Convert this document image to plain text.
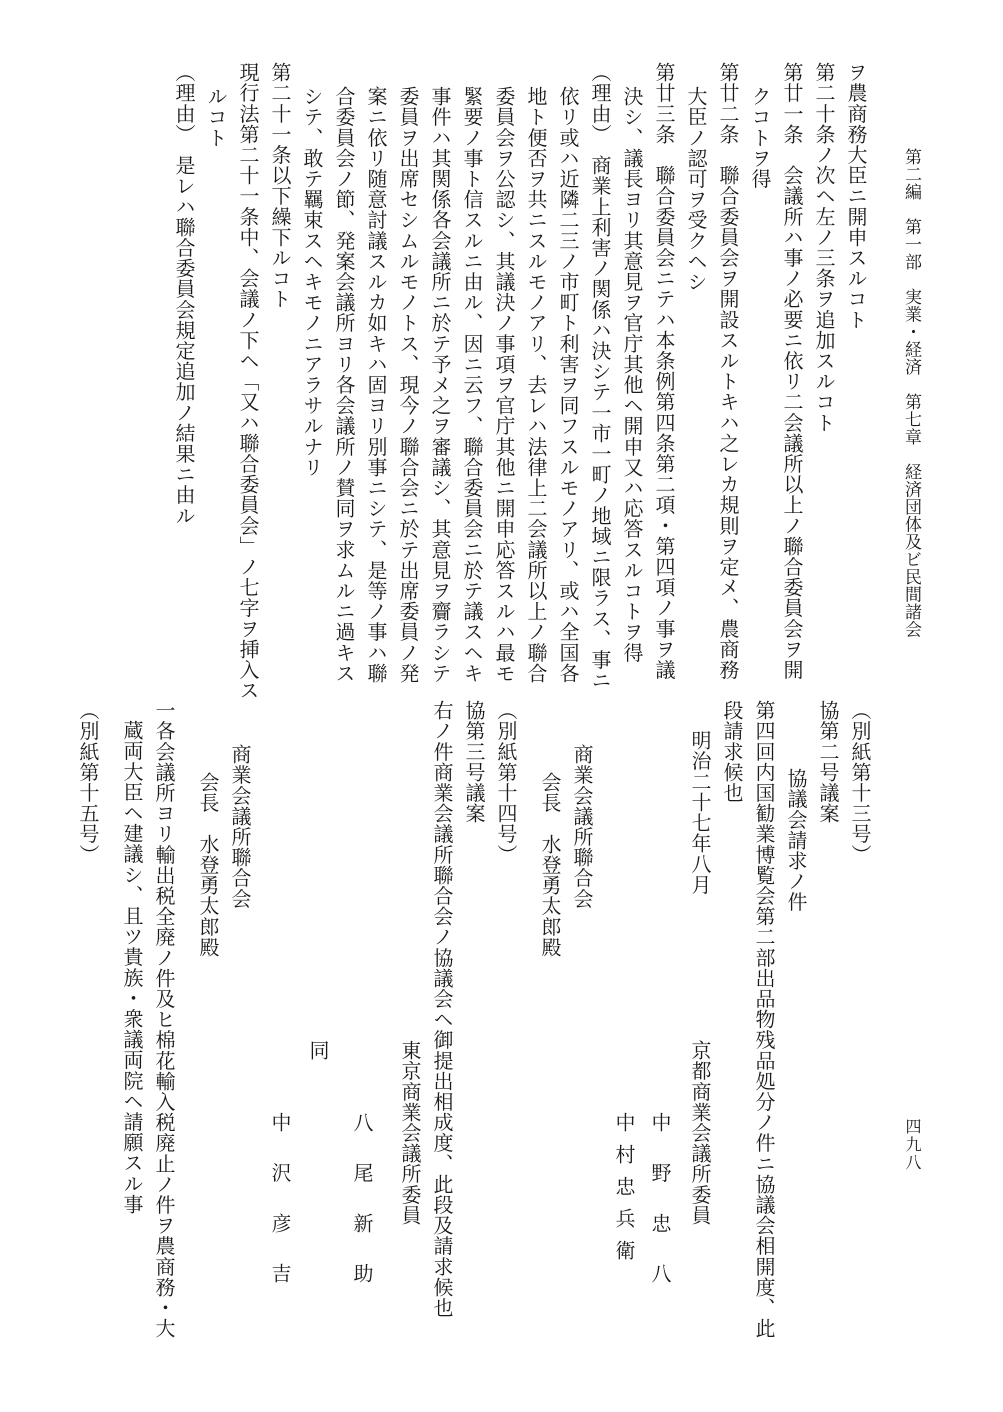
第二編　第一部　実業・経済　第七章　経済団体及ビ民間諸会
四九八
ヲ農商務大臣ニ開申スルコト
第二十条ノ次ヘ左ノ三条ヲ追加スルコト
第廿一条　会議所ハ事ノ必要ニ依リ二会議所以上ノ聯合委員会ヲ開
クコトヲ得
第廿二条　聯合委員会ヲ開設スルトキハ之レカ規則ヲ定メ、農商務
大臣ノ認可ヲ受クヘシ
第廿三条　聯合委員会ニテハ本条例第四条第二項・第四項ノ事ヲ議
決シ、議長ヨリ其意見ヲ官庁其他ヘ開申又ハ応答スルコトヲ得
（理由）　商業上利害ノ関係ハ決シテ一市一町ノ地域ニ限ラス、事ニ
依リ或ハ近隣二三ノ市町ト利害ヲ同フスルモノアリ、或ハ全国各
地ト便否ヲ共ニスルモノアリ、去レハ法律上二会議所以上ノ聯合
委員会ヲ公認シ、其議決ノ事項ヲ官庁其他ニ開申応答スルハ最モ
緊要ノ事ト信スルニ由ル、因ニ云フ、聯合委員会ニ於テ議スヘキ
事件ハ其関係各会議所ニ於テ予メ之ヲ審議シ、其意見ヲ齎ラシテ
委員ヲ出席セシムルモノトス、現今ノ聯合会ニ於テ出席委員ノ発
案ニ依リ随意討議スルカ如キハ固ヨリ別事ニシテ、是等ノ事ハ聯
合委員会ノ節、発案会議所ヨリ各会議所ノ賛同ヲ求ムルニ過キス
シテ、敢テ羈束スヘキモノニアラサルナリ
第二十一条以下繰下ルコト
現行法第二十一条中、会議ノ下ヘ「又ハ聯合委員会」ノ七字ヲ挿入ス
ルコト
（理由）　是レハ聯合委員会規定追加ノ結果ニ由ル
（別紙第十三号）
協第二号議案
協議会請求ノ件
第四回内国勧業博覧会第二部出品物残品処分ノ件ニ協議会相開度、此
段請求候也
明治二十七年八月
京都商業会議所委員
中 野 忠 八
中村忠兵衛
商業会議所聯合会
会長　水登勇太郎殿
（別紙第十四号）
協第三号議案
右ノ件商業会議所聯合会ノ協議会ヘ御提出相成度、此段及請求候也
東京商業会議所委員
八 尾 新 助
同
中 沢 彦 吉
商業会議所聯合会
会長　水登勇太郎殿
一各会議所ヨリ輸出税全廃ノ件及ヒ棉花輸入税廃止ノ件ヲ農商務・大
蔵両大臣ヘ建議シ、且ツ貴族・衆議両院ヘ請願スル事
（別紙第十五号）
